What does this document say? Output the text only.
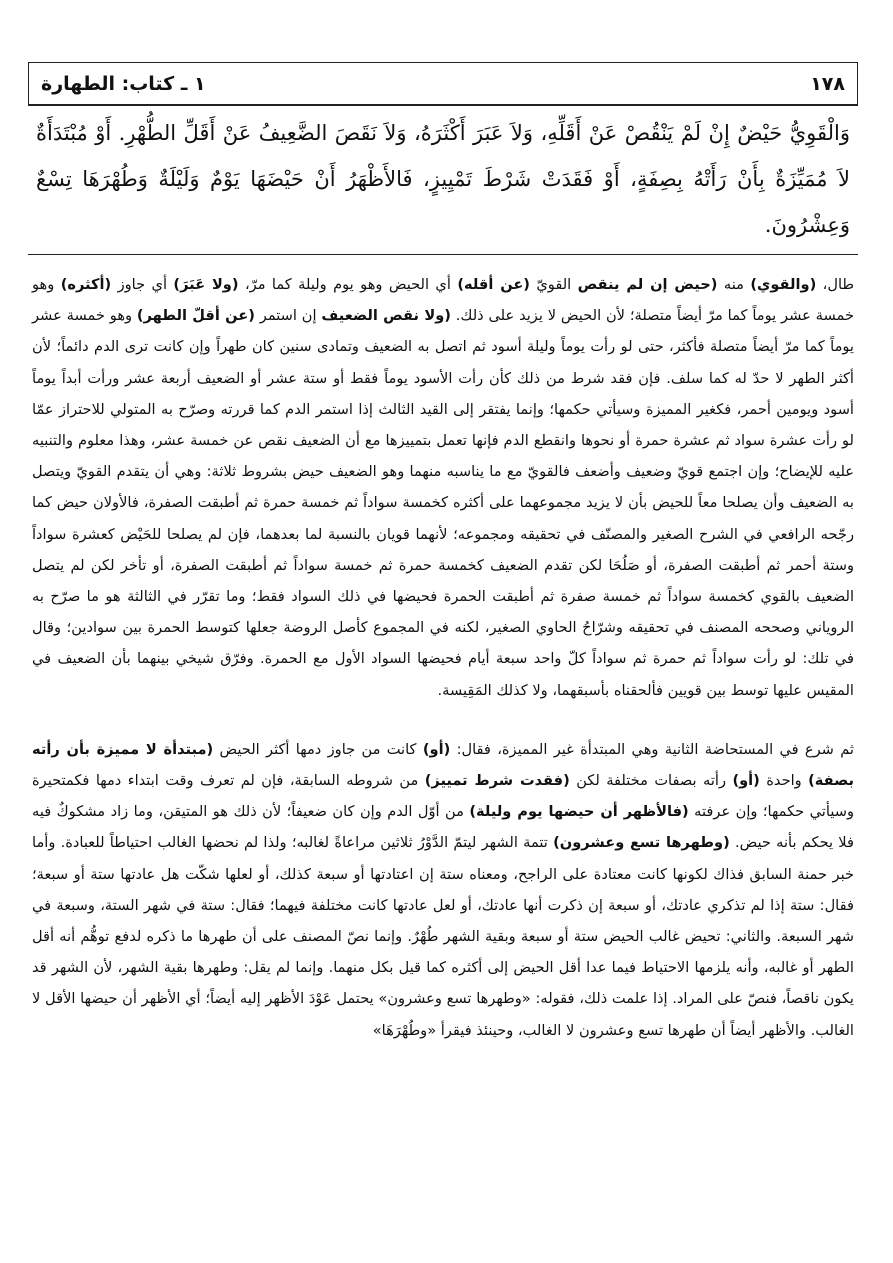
١٧٨
١ ـ كتاب: الطهارة

وَالْقَوِيُّ حَيْضٌ إِنْ لَمْ يَنْقُصْ عَنْ أَقَلِّهِ، وَلاَ عَبَرَ أَكْثَرَهُ، وَلاَ نَقَصَ الضَّعِيفُ عَنْ أَقَلِّ الطُّهْرِ. أَوْ مُبْتَدَأَةٌ لاَ مُمَيِّزَةٌ بِأَنْ رَأَتْهُ بِصِفَةٍ، أَوْ فَقَدَتْ شَرْطَ تَمْيِيزٍ، فَالأَظْهَرُ أَنْ حَيْضَهَا يَوْمٌ وَلَيْلَةٌ وَطُهْرَهَا تِسْعٌ وَعِشْرُونَ.

طال، (والقوي) منه (حيض إن لم ينقص القويّ (عن أقله) أي الحيض وهو يوم وليلة كما مرّ، (ولا عَبَرَ) أي جاوز (أكثره) وهو خمسة عشر يوماً كما مرّ أيضاً متصلة؛ لأن الحيض لا يزيد على ذلك. (ولا نقص الضعيف إن استمر (عن أقلّ الطهر) وهو خمسة عشر يوماً كما مرّ أيضاً متصلة فأكثر، حتى لو رأت يوماً وليلة أسود ثم اتصل به الضعيف وتمادى سنين كان طهراً وإن كانت ترى الدم دائماً؛ لأن أكثر الطهر لا حدّ له كما سلف. فإن فقد شرط من ذلك كأن رأت الأسود يوماً فقط أو ستة عشر أو الضعيف أربعة عشر ورأت أبداً يوماً أسود ويومين أحمر، فكغير المميزة وسيأتي حكمها؛ وإنما يفتقر إلى القيد الثالث إذا استمر الدم كما قررته وصرّح به المتولي للاحتراز عمّا لو رأت عشرة سواد ثم عشرة حمرة أو نحوها وانقطع الدم فإنها تعمل بتمييزها مع أن الضعيف نقص عن خمسة عشر، وهذا معلوم والتنبيه عليه للإيضاح؛ وإن اجتمع قويّ وضعيف وأضعف فالقويّ مع ما يناسبه منهما وهو الضعيف حيض بشروط ثلاثة: وهي أن يتقدم القويّ ويتصل به الضعيف وأن يصلحا معاً للحيض بأن لا يزيد مجموعهما على أكثره كخمسة سواداً ثم خمسة حمرة ثم أطبقت الصفرة، فالأولان حيض كما رجّحه الرافعي في الشرح الصغير والمصنّف في تحقيقه ومجموعه؛ لأنهما قويان بالنسبة لما بعدهما، فإن لم يصلحا للحَيْض كعشرة سواداً وستة أحمر ثم أطبقت الصفرة، أو صَلُحَا لكن تقدم الضعيف كخمسة حمرة ثم خمسة سواداً ثم أطبقت الصفرة، أو تأخر لكن لم يتصل الضعيف بالقوي كخمسة سواداً ثم خمسة صفرة ثم أطبقت الحمرة فحيضها في ذلك السواد فقط؛ وما تقرّر في الثالثة هو ما صرّح به الروياني وصححه المصنف في تحقيقه وشرّاحُ الحاوي الصغير، لكنه في المجموع كأصل الروضة جعلها كتوسط الحمرة بين سوادين؛ وقال في تلك: لو رأت سواداً ثم حمرة ثم سواداً كلّ واحد سبعة أيام فحيضها السواد الأول مع الحمرة. وفرّق شيخي بينهما بأن الضعيف في المقيس عليها توسط بين قويين فألحقناه بأسبقهما، ولا كذلك المَقِيسة.

ثم شرع في المستحاضة الثانية وهي المبتدأة غير المميزة، فقال: (أو) كانت من جاوز دمها أكثر الحيض (مبتدأة لا مميزة بأن رأته بصفة) واحدة (أو) رأته بصفات مختلفة لكن (فقدت شرط تمييز) من شروطه السابقة، فإن لم تعرف وقت ابتداء دمها فكمتحيرة وسيأتي حكمها؛ وإن عرفته (فالأظهر أن حيضها يوم وليلة) من أوّل الدم وإن كان ضعيفاً؛ لأن ذلك هو المتيقن، وما زاد مشكوكٌ فيه فلا يحكم بأنه حيض. (وطهرها تسع وعشرون) تتمة الشهر ليتمّ الدَّوْرُ ثلاثين مراعاةً لغالبه؛ ولذا لم نحضها الغالب احتياطاً للعبادة. وأما خبر حمنة السابق فذاك لكونها كانت معتادة على الراجح، ومعناه ستة إن اعتادتها أو سبعة كذلك، أو لعلها شكّت هل عادتها ستة أو سبعة؛ فقال: ستة إذا لم تذكري عادتك، أو سبعة إن ذكرت أنها عادتك، أو لعل عادتها كانت مختلفة فيهما؛ فقال: ستة في شهر الستة، وسبعة في شهر السبعة. والثاني: تحيض غالب الحيض ستة أو سبعة وبقية الشهر طُهْرٌ. وإنما نصّ المصنف على أن طهرها ما ذكره لدفع توهُّم أنه أقل الطهر أو غالبه، وأنه يلزمها الاحتياط فيما عدا أقل الحيض إلى أكثره كما قيل بكل منهما. وإنما لم يقل: وطهرها بقية الشهر، لأن الشهر قد يكون ناقصاً، فنصّ على المراد. إذا علمت ذلك، فقوله: «وطهرها تسع وعشرون» يحتمل عَوْدَ الأظهر إليه أيضاً؛ أي الأظهر أن حيضها الأقل لا الغالب. والأظهر أيضاً أن طهرها تسع وعشرون لا الغالب، وحينئذ فيقرأ «وطُهْرَهَا»
